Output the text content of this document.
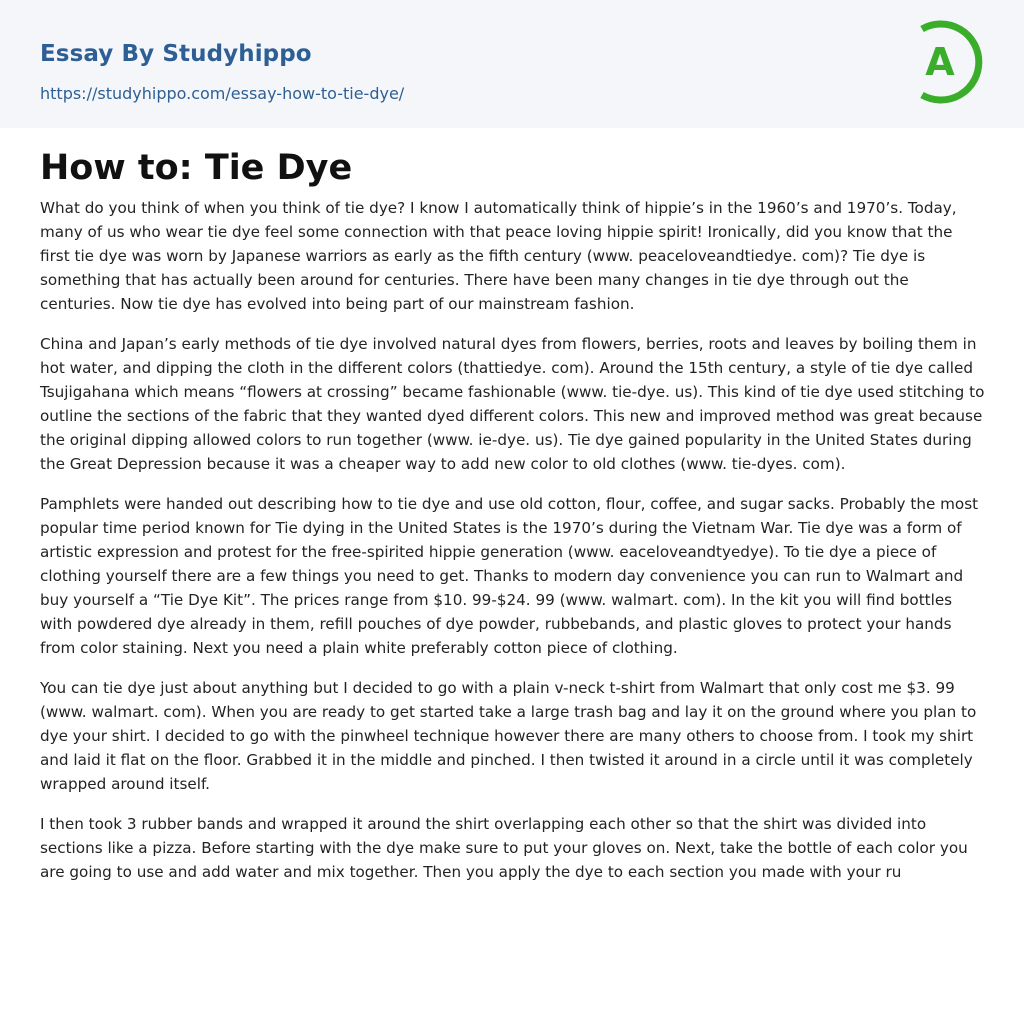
Essay By Studyhippo
https://studyhippo.com/essay-how-to-tie-dye/
A
How to: Tie Dye

What do you think of when you think of tie dye? I know I automatically think of hippie’s in the 1960’s and 1970’s. Today, many of us who wear tie dye feel some connection with that peace loving hippie spirit! Ironically, did you know that the first tie dye was worn by Japanese warriors as early as the fifth century (www. peaceloveandtiedye. com)? Tie dye is something that has actually been around for centuries. There have been many changes in tie dye through out the centuries. Now tie dye has evolved into being part of our mainstream fashion.

China and Japan’s early methods of tie dye involved natural dyes from flowers, berries, roots and leaves by boiling them in hot water, and dipping the cloth in the different colors (thattiedye. com). Around the 15th century, a style of tie dye called Tsujigahana which means “flowers at crossing” became fashionable (www. tie-dye. us). This kind of tie dye used stitching to outline the sections of the fabric that they wanted dyed different colors. This new and improved method was great because the original dipping allowed colors to run together (www. ie-dye. us). Tie dye gained popularity in the United States during the Great Depression because it was a cheaper way to add new color to old clothes (www. tie-dyes. com).

Pamphlets were handed out describing how to tie dye and use old cotton, flour, coffee, and sugar sacks. Probably the most popular time period known for Tie dying in the United States is the 1970’s during the Vietnam War. Tie dye was a form of artistic expression and protest for the free-spirited hippie generation (www. eaceloveandtyedye). To tie dye a piece of clothing yourself there are a few things you need to get. Thanks to modern day convenience you can run to Walmart and buy yourself a “Tie Dye Kit”. The prices range from $10. 99-$24. 99 (www. walmart. com). In the kit you will find bottles with powdered dye already in them, refill pouches of dye powder, rubbebands, and plastic gloves to protect your hands from color staining. Next you need a plain white preferably cotton piece of clothing.

You can tie dye just about anything but I decided to go with a plain v-neck t-shirt from Walmart that only cost me $3. 99 (www. walmart. com). When you are ready to get started take a large trash bag and lay it on the ground where you plan to dye your shirt. I decided to go with the pinwheel technique however there are many others to choose from. I took my shirt and laid it flat on the floor. Grabbed it in the middle and pinched. I then twisted it around in a circle until it was completely wrapped around itself.

I then took 3 rubber bands and wrapped it around the shirt overlapping each other so that the shirt was divided into sections like a pizza. Before starting with the dye make sure to put your gloves on. Next, take the bottle of each color you are going to use and add water and mix together. Then you apply the dye to each section you made with your ru
